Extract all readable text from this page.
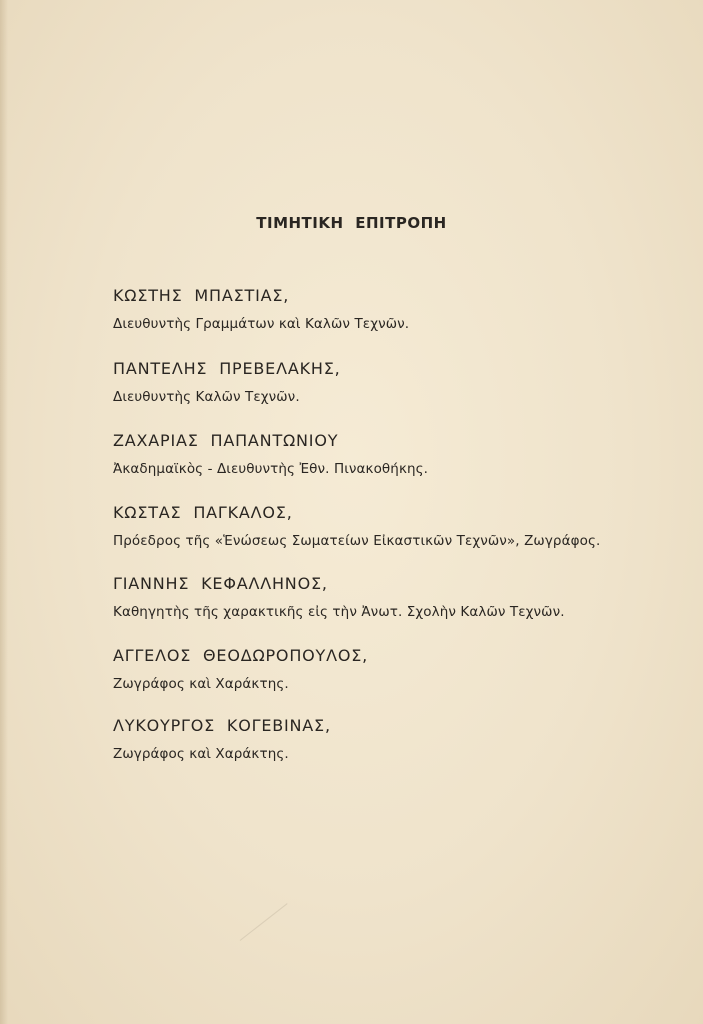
ΤΙΜΗΤΙΚΗ ΕΠΙΤΡΟΠΗ
ΚΩΣΤΗΣ ΜΠΑΣΤΙΑΣ,
Διευθυντὴς Γραμμάτων καὶ Καλῶν Τεχνῶν.
ΠΑΝΤΕΛΗΣ ΠΡΕΒΕΛΑΚΗΣ,
Διευθυντὴς Καλῶν Τεχνῶν.
ΖΑΧΑΡΙΑΣ ΠΑΠΑΝΤΩΝΙΟΥ
Ἀκαδημαϊκὸς - Διευθυντὴς Ἐθν. Πινακοθήκης.
ΚΩΣΤΑΣ ΠΑΓΚΑΛΟΣ,
Πρόεδρος τῆς «Ἑνώσεως Σωματείων Εἰκαστικῶν Τεχνῶν», Ζωγράφος.
ΓΙΑΝΝΗΣ ΚΕΦΑΛΛΗΝΟΣ,
Καθηγητὴς τῆς χαρακτικῆς εἰς τὴν Ἀνωτ. Σχολὴν Καλῶν Τεχνῶν.
ΑΓΓΕΛΟΣ ΘΕΟΔΩΡΟΠΟΥΛΟΣ,
Ζωγράφος καὶ Χαράκτης.
ΛΥΚΟΥΡΓΟΣ ΚΟΓΕΒΙΝΑΣ,
Ζωγράφος καὶ Χαράκτης.
